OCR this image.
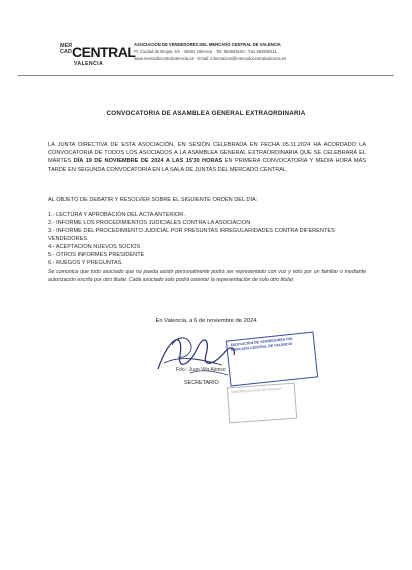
MER CAD CENTRAL
VALENCIA
ASOCIACION DE VENDEDORES DEL MERCADO CENTRAL DE VALENCIA
Pl. Ciudad de Brujas, s/n · 46001 Valencia · Tel. 963829100 · Fax 963829111
www.mercadocentralvalencia.es · Email: informacion@mercadocentralvalencia.es
CONVOCATORIA DE ASAMBLEA GENERAL EXTRAORDINARIA
LA JUNTA DIRECTIVA DE ESTA ASOCIACIÓN, EN SESIÓN CELEBRADA EN FECHA 05.11.2024 HA ACORDADO LA CONVOCATORIA DE TODOS LOS ASOCIADOS A LA ASAMBLEA GENERAL EXTRAORDINARIA QUE SE CELEBRARÁ EL MARTES DÍA 19 DE NOVIEMBRE DE 2024 A LAS 15'30 HORAS EN PRIMERA CONVOCATORIA Y MEDIA HORA MÁS TARDE EN SEGUNDA CONVOCATORIA EN LA SALA DE JUNTAS DEL MERCADO CENTRAL.
AL OBJETO DE DEBATIR Y RESOLVER SOBRE EL SIGUIENTE ORDEN DEL DÍA:
1.- LECTURA Y APROBACIÓN DEL ACTA ANTERIOR.
2.- INFORME LOS PROCEDIMIENTOS JUDICIALES CONTRA LA ASOCIACION
3.- INFORME DEL PROCEDIMIENTO JUDICIAL POR PRESUNTAS IRREGULARIDADES CONTRA DIFERENTES VENDEDORES.
4.- ACEPTACION NUEVOS SOCIOS
5.- OTROS INFORMES PRESIDENTE
6.- RUEGOS Y PREGUNTAS.
Se comunica que todo asociado que no pueda asistir personalmente podrá ser representado con voz y voto por un familiar o mediante autorización escrita por otro titular. Cada asociado solo podrá ostentar la representación de solo otro titular.
En Valencia, a 6 de noviembre de 2024
Fdo.: Juan Vila Alonso
SECRETARIO
ASOCIACION DE VENDEDORES DEL MERCADO CENTRAL DE VALENCIA
MERCADO CENTRAL DE VALENCIA
